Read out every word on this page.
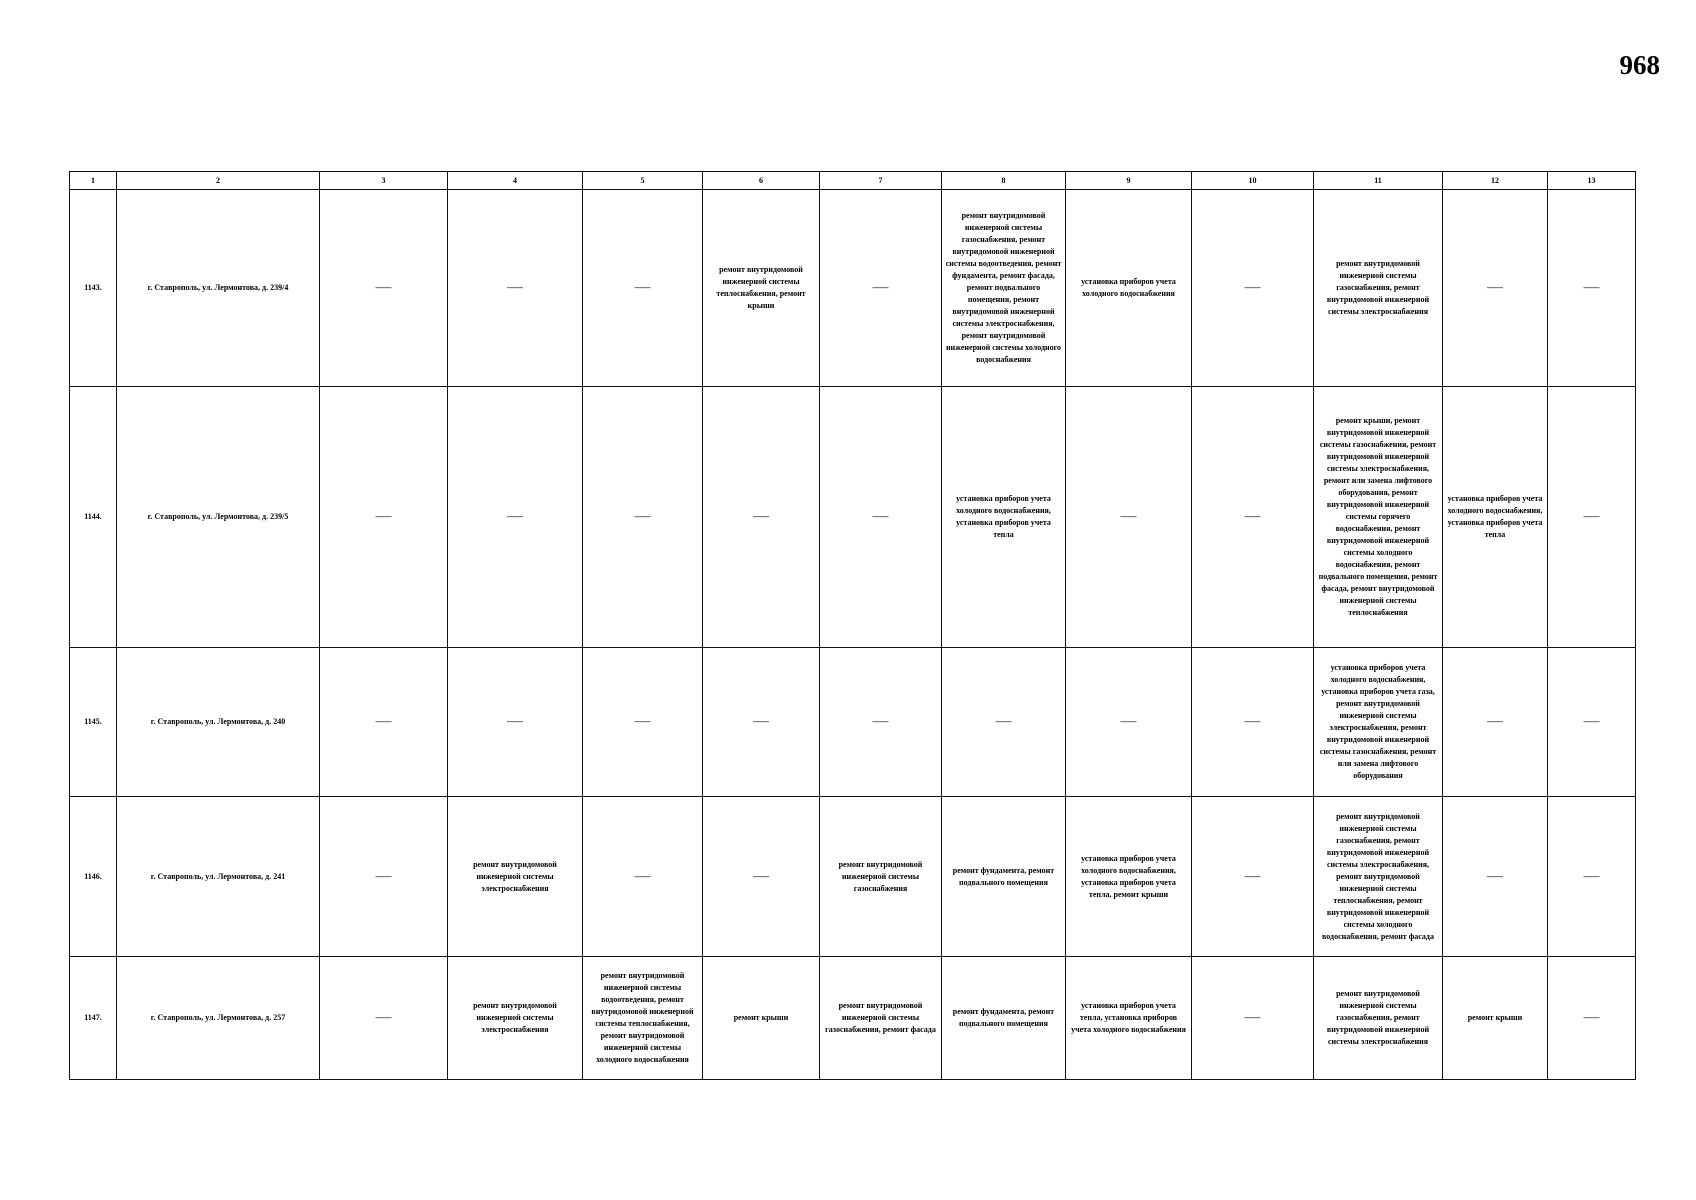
968
1	2	3	4	5	6	7	8	9	10	11	12	13
1143.	г. Ставрополь, ул. Лермонтова, д. 239/4	——	——	——	ремонт внутридомовой инженерной системы теплоснабжения, ремонт крыши	——	ремонт внутридомовой инженерной системы газоснабжения, ремонт внутридомовой инженерной системы водоотведения, ремонт фундамента, ремонт фасада, ремонт подвального помещения, ремонт внутридомовой инженерной системы электроснабжения, ремонт внутридомовой инженерной системы холодного водоснабжения	установка приборов учета холодного водоснабжения	——	ремонт внутридомовой инженерной системы газоснабжения, ремонт внутридомовой инженерной системы электроснабжения	——	——
1144.	г. Ставрополь, ул. Лермонтова, д. 239/5	——	——	——	——	——	установка приборов учета холодного водоснабжения, установка приборов учета тепла	——	——	ремонт крыши, ремонт внутридомовой инженерной системы газоснабжения, ремонт внутридомовой инженерной системы электроснабжения, ремонт или замена лифтового оборудования, ремонт внутридомовой инженерной системы горячего водоснабжения, ремонт внутридомовой инженерной системы холодного водоснабжения, ремонт подвального помещения, ремонт фасада, ремонт внутридомовой инженерной системы теплоснабжения	установка приборов учета холодного водоснабжения, установка приборов учета тепла	——
1145.	г. Ставрополь, ул. Лермонтова, д. 240	——	——	——	——	——	——	——	——	установка приборов учета холодного водоснабжения, установка приборов учета газа, ремонт внутридомовой инженерной системы электроснабжения, ремонт внутридомовой инженерной системы газоснабжения, ремонт или замена лифтового оборудования	——	——
1146.	г. Ставрополь, ул. Лермонтова, д. 241	——	ремонт внутридомовой инженерной системы электроснабжения	——	——	ремонт внутридомовой инженерной системы газоснабжения	ремонт фундамента, ремонт подвального помещения	установка приборов учета холодного водоснабжения, установка приборов учета тепла, ремонт крыши	——	ремонт внутридомовой инженерной системы газоснабжения, ремонт внутридомовой инженерной системы электроснабжения, ремонт внутридомовой инженерной системы теплоснабжения, ремонт внутридомовой инженерной системы холодного водоснабжения, ремонт фасада	——	——
1147.	г. Ставрополь, ул. Лермонтова, д. 257	——	ремонт внутридомовой инженерной системы электроснабжения	ремонт внутридомовой инженерной системы водоотведения, ремонт внутридомовой инженерной системы теплоснабжения, ремонт внутридомовой инженерной системы холодного водоснабжения	ремонт крыши	ремонт внутридомовой инженерной системы газоснабжения, ремонт фасада	ремонт фундамента, ремонт подвального помещения	установка приборов учета тепла, установка приборов учета холодного водоснабжения	——	ремонт внутридомовой инженерной системы газоснабжения, ремонт внутридомовой инженерной системы электроснабжения	ремонт крыши	——
